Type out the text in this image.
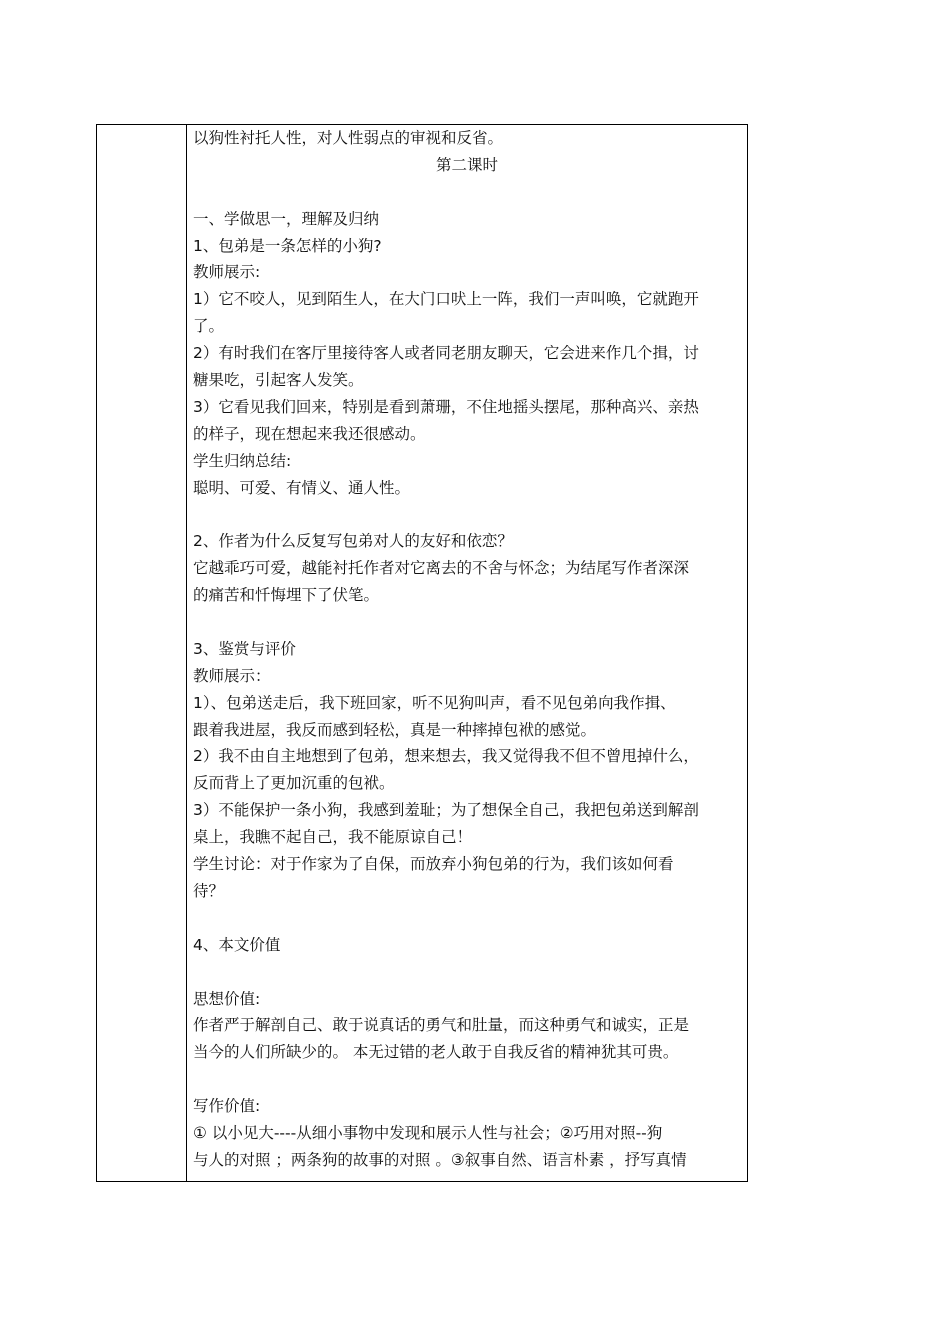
以狗性衬托人性，对人性弱点的审视和反省。
第二课时
一、学做思一，理解及归纳
1、包弟是一条怎样的小狗?
教师展示:
1）它不咬人，见到陌生人，在大门口吠上一阵，我们一声叫唤，它就跑开
了。
2）有时我们在客厅里接待客人或者同老朋友聊天，它会进来作几个揖，讨
糖果吃，引起客人发笑。
3）它看见我们回来，特别是看到萧珊，不住地摇头摆尾，那种高兴、亲热
的样子，现在想起来我还很感动。
学生归纳总结:
聪明、可爱、有情义、通人性。
2、作者为什么反复写包弟对人的友好和依恋？
它越乖巧可爱，越能衬托作者对它离去的不舍与怀念；为结尾写作者深深
的痛苦和忏悔埋下了伏笔。
3、鉴赏与评价
教师展示：
1）、包弟送走后，我下班回家，听不见狗叫声，看不见包弟向我作揖、
跟着我进屋，我反而感到轻松，真是一种摔掉包袱的感觉。
2）我不由自主地想到了包弟，想来想去，我又觉得我不但不曾甩掉什么，
反而背上了更加沉重的包袱。
3）不能保护一条小狗，我感到羞耻；为了想保全自己，我把包弟送到解剖
桌上，我瞧不起自己，我不能原谅自己！
学生讨论：对于作家为了自保，而放弃小狗包弟的行为，我们该如何看
待？
4、本文价值
思想价值:
作者严于解剖自己、敢于说真话的勇气和肚量，而这种勇气和诚实，正是
当今的人们所缺少的。 本无过错的老人敢于自我反省的精神犹其可贵。
写作价值:
① 以小见大----从细小事物中发现和展示人性与社会；②巧用对照--狗
与人的对照 ；两条狗的故事的对照 。③叙事自然、语言朴素 ，抒写真情
